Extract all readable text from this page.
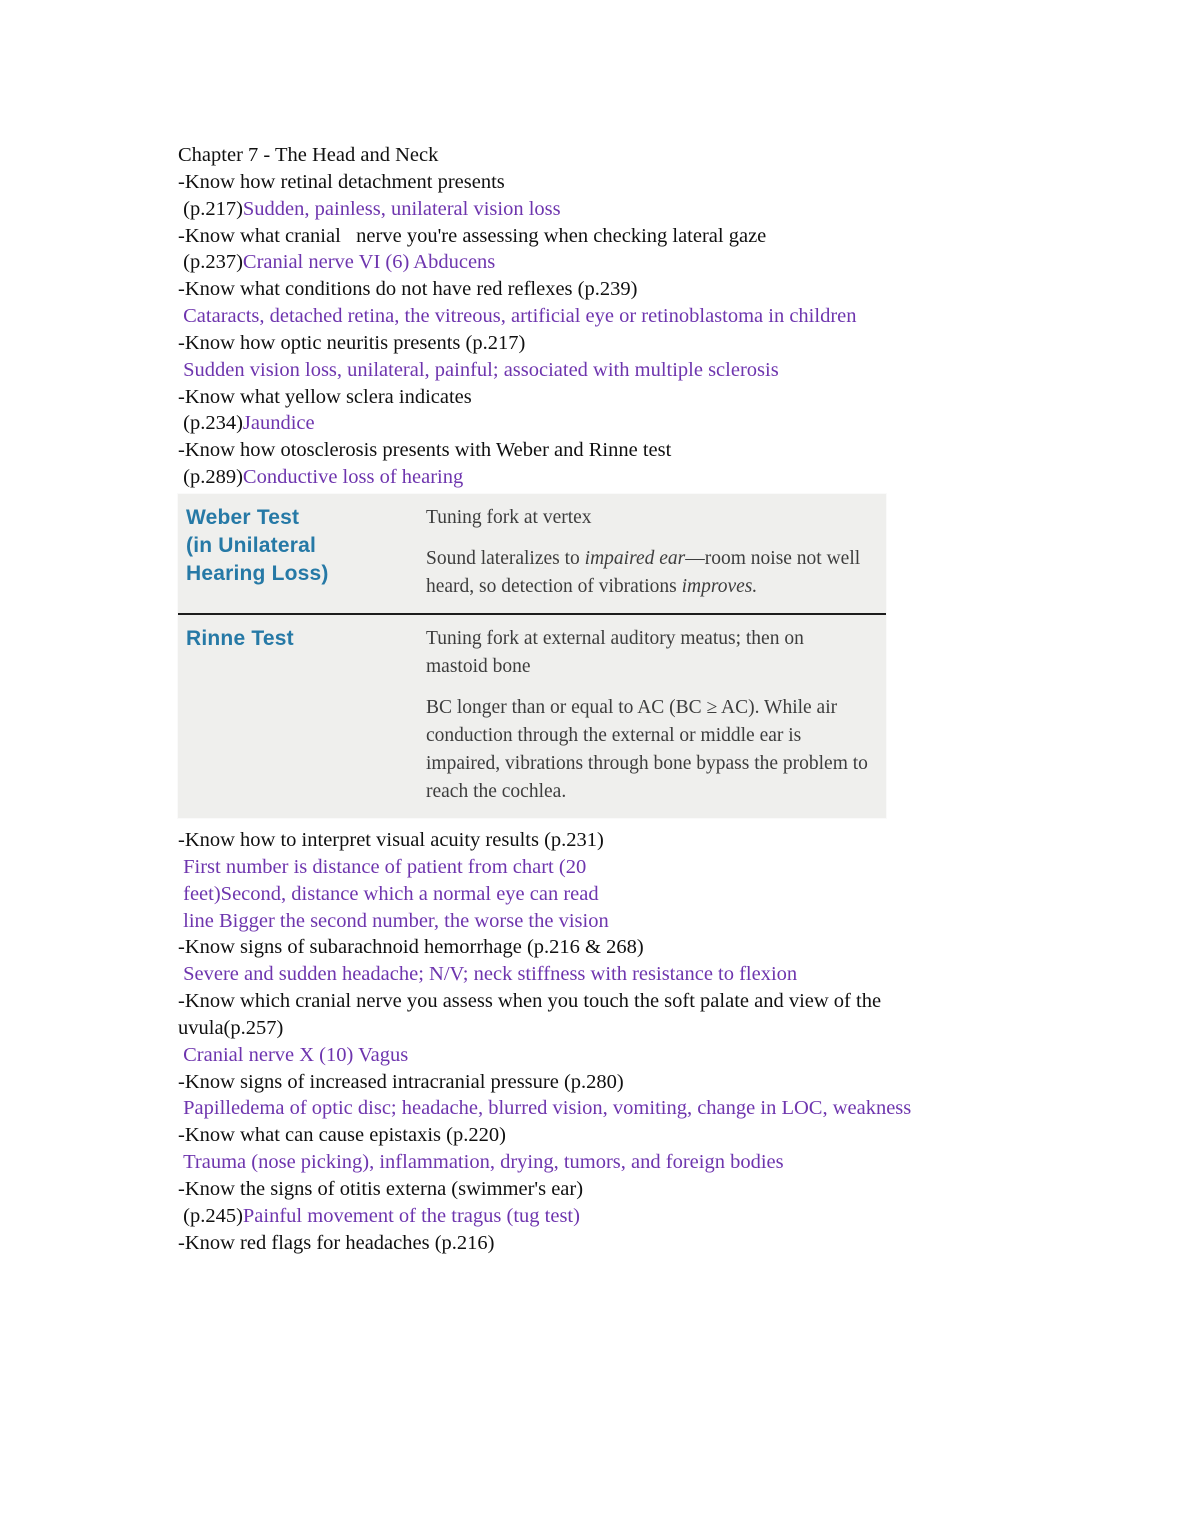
Chapter 7 - The Head and Neck
-Know how retinal detachment presents
(p.217)Sudden, painless, unilateral vision loss
-Know what cranial   nerve you're assessing when checking lateral gaze
(p.237)Cranial nerve VI (6) Abducens
-Know what conditions do not have red reflexes (p.239)
Cataracts, detached retina, the vitreous, artificial eye or retinoblastoma in children
-Know how optic neuritis presents (p.217)
Sudden vision loss, unilateral, painful; associated with multiple sclerosis
-Know what yellow sclera indicates
(p.234)Jaundice
-Know how otosclerosis presents with Weber and Rinne test
(p.289)Conductive loss of hearing
Weber Test
(in Unilateral
Hearing Loss)

Tuning fork at vertex

Sound lateralizes to impaired ear—room noise not well heard, so detection of vibrations improves.

Rinne Test	Tuning fork at external auditory meatus; then on mastoid bone

BC longer than or equal to AC (BC ≥ AC). While air conduction through the external or middle ear is impaired, vibrations through bone bypass the problem to reach the cochlea.

-Know how to interpret visual acuity results (p.231)
First number is distance of patient from chart (20
feet)Second, distance which a normal eye can read
line Bigger the second number, the worse the vision
-Know signs of subarachnoid hemorrhage (p.216 & 268)
Severe and sudden headache; N/V; neck stiffness with resistance to flexion
-Know which cranial nerve you assess when you touch the soft palate and view of the
uvula(p.257)
Cranial nerve X (10) Vagus
-Know signs of increased intracranial pressure (p.280)
Papilledema of optic disc; headache, blurred vision, vomiting, change in LOC, weakness
-Know what can cause epistaxis (p.220)
Trauma (nose picking), inflammation, drying, tumors, and foreign bodies
-Know the signs of otitis externa (swimmer's ear)
(p.245)Painful movement of the tragus (tug test)
-Know red flags for headaches (p.216)
